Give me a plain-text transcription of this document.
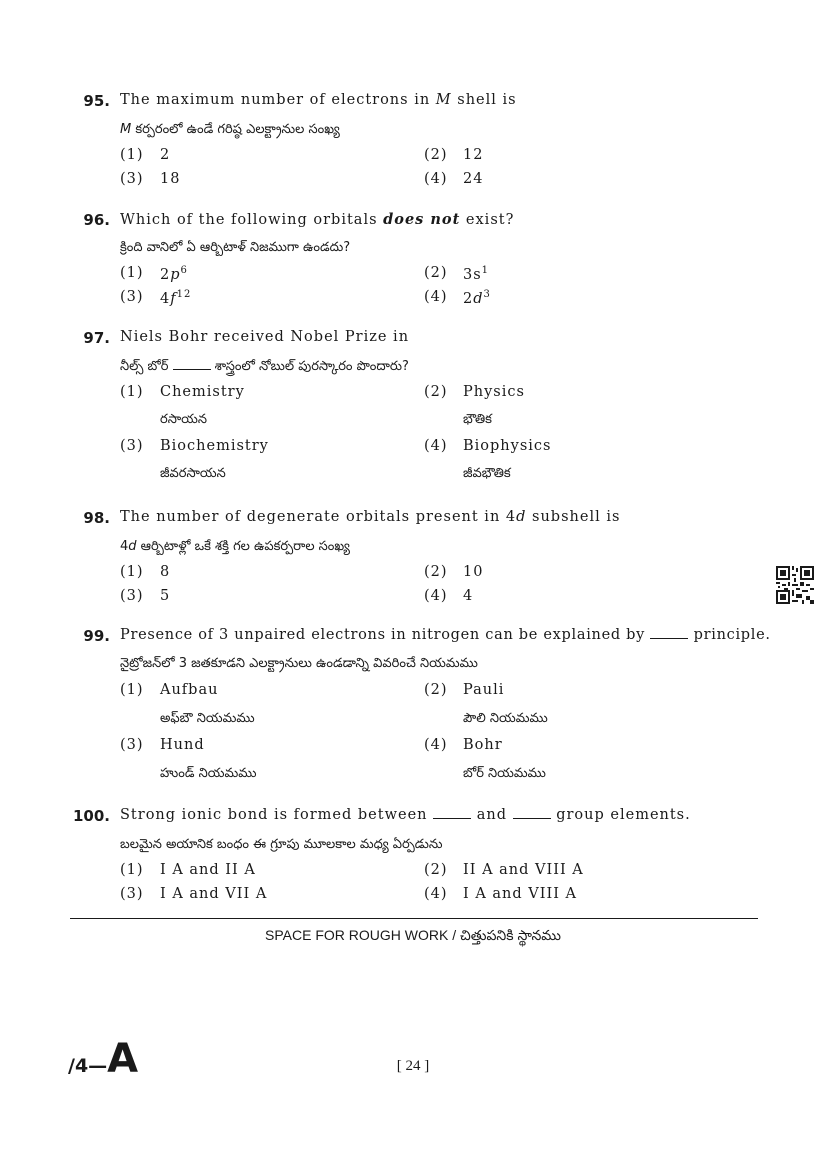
95. The maximum number of electrons in M shell is
M కర్పరంలో ఉండే గరిష్ఠ ఎలక్ట్రానుల సంఖ్య
(1) 2	(2) 12
(3) 18	(4) 24
96. Which of the following orbitals does not exist?
క్రింది వానిలో ఏ ఆర్బిటాళ్ నిజముగా ఉండదు?
(1) $2p^6$	(2) $3s^1$
(3) $4f^{12}$	(4) $2d^3$
97. Niels Bohr received Nobel Prize in
నీల్స్ బోర్	శాస్త్రంలో నోబుల్ పురస్కారం పొందారు?
(1) Chemistry
రసాయన
(2) Physics
భౌతిక
(3) Biochemistry
జీవరసాయన
(4) Biophysics
జీవభౌతిక
98. The number of degenerate orbitals present in 4d subshell is
4d ఆర్బిటాళ్లో ఒకే శక్తి గల ఉపకర్పరాల సంఖ్య
(1) 8	(2) 10
(3) 5	(4) 4
99. Presence of 3 unpaired electrons in nitrogen can be explained by	principle.
నైట్రోజన్‌లో 3 జతకూడని ఎలక్ట్రానులు ఉండడాన్ని వివరించే నియమము
(1) Aufbau
అఫ్‌బౌ నియమము
(2) Pauli
పౌలి నియమము
(3) Hund
హుండ్ నియమము
(4) Bohr
బోర్ నియమము
100. Strong ionic bond is formed between	and	group elements.
బలమైన అయానిక బంధం ఈ గ్రూపు మూలకాల మధ్య ఏర్పడును
(1) I A and II A	(2) II A and VIII A
(3) I A and VII A	(4) I A and VIII A
SPACE FOR ROUGH WORK / చిత్తుపనికి స్థానము
/4—A	[ 24 ]
